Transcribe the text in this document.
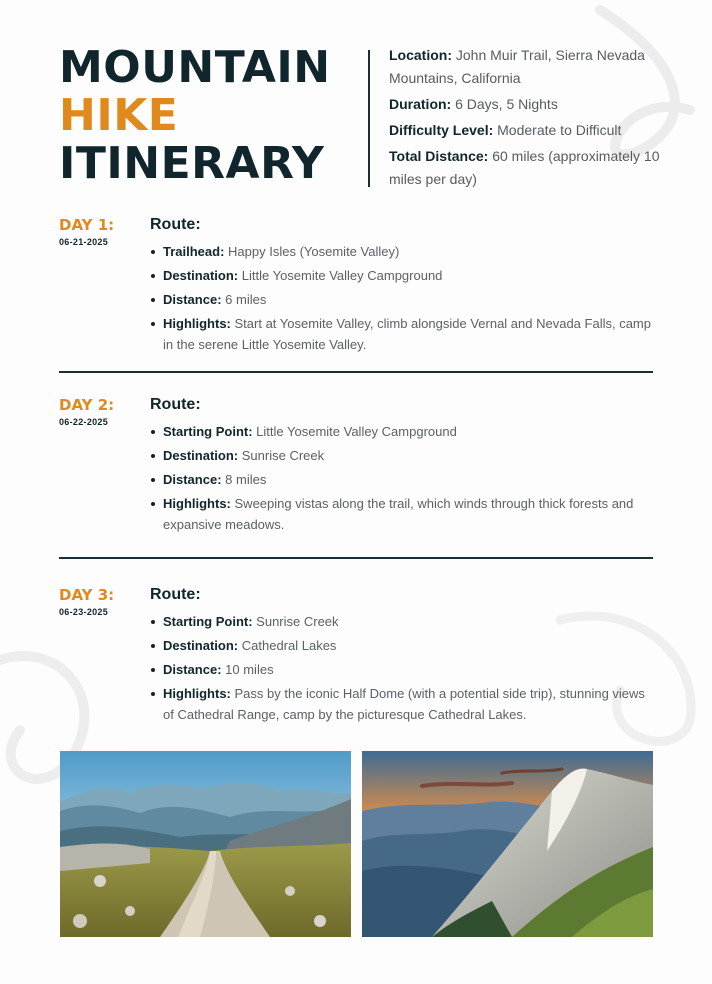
MOUNTAIN
HIKE
ITINERARY

Location: John Muir Trail, Sierra Nevada Mountains, California

Duration: 6 Days, 5 Nights

Difficulty Level: Moderate to Difficult

Total Distance: 60 miles (approximately 10 miles per day)

DAY 1:
06-21-2025
Route:
Trailhead: Happy Isles (Yosemite Valley)
Destination: Little Yosemite Valley Campground
Distance: 6 miles
Highlights: Start at Yosemite Valley, climb alongside Vernal and Nevada Falls, camp in the serene Little Yosemite Valley.
DAY 2:
06-22-2025
Route:
Starting Point: Little Yosemite Valley Campground
Destination: Sunrise Creek
Distance: 8 miles
Highlights: Sweeping vistas along the trail, which winds through thick forests and expansive meadows.
DAY 3:
06-23-2025
Route:
Starting Point: Sunrise Creek
Destination: Cathedral Lakes
Distance: 10 miles
Highlights: Pass by the iconic Half Dome (with a potential side trip), stunning views of Cathedral Range, camp by the picturesque Cathedral Lakes.
